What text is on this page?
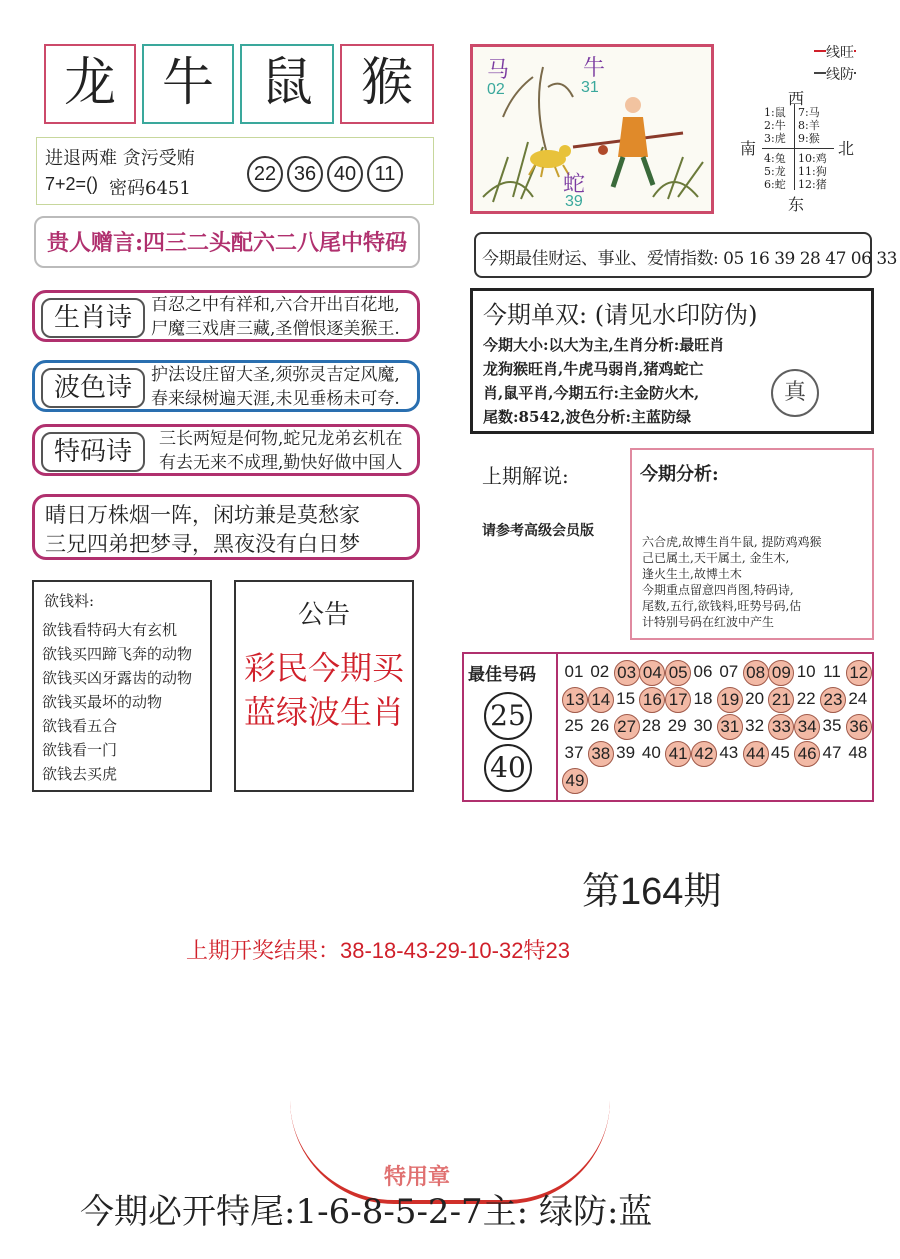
龙 牛 鼠 猴
进退两难 贪污受贿
7+2=() 密码6451
22 36 40 11
贵人赠言:四三二头配六二八尾中特码
生肖诗	百忍之中有祥和,六合开出百花地,
尸魔三戏唐三藏,圣僧恨逐美猴王.
波色诗	护法设庄留大圣,须弥灵吉定风魔,
春来绿树遍天涯,未见垂杨未可夸.
特码诗	三长两短是何物,蛇兄龙弟玄机在
有去无来不成理,勤快好做中国人
晴日万株烟一阵，闲坊兼是莫愁家
三兄四弟把梦寻，黑夜没有白日梦
欲钱料:
欲钱看特码大有玄机
欲钱买四蹄飞奔的动物
欲钱买凶牙露齿的动物
欲钱买最坏的动物
欲钱看五合
欲钱看一门
欲钱去买虎
公告
彩民今期买
蓝绿波生肖
马
02
牛
31
蛇
39
线旺
线防
西
南	北
东
1:鼠
2:牛
3:虎
7:马
8:羊
9:猴
4:兔
5:龙
6:蛇
10:鸡
11:狗
12:猪
今期最佳财运、事业、爱情指数: 05 16 39 28 47 06 33
今期单双: (请见水印防伪)
今期大小:以大为主,生肖分析:最旺肖
龙狗猴旺肖,牛虎马弱肖,猪鸡蛇亡
肖,鼠平肖,今期五行:主金防火木,
尾数:8542,波色分析:主蓝防绿
真
上期解说:
请参考高级会员版
今期分析:
六合虎,故博生肖牛鼠, 提防鸡鸡猴
己已属土,天干属土, 金生木,
逢火生土,故博土木
今期重点留意四肖图,特码诗,
尾数,五行,欲钱料,旺势号码,估
计特别号码在红波中产生
最佳号码
25
40
01 02 03 04 05 06 07 08 09 10 11 12
13 14 15 16 17 18 19 20 21 22 23 24
25 26 27 28 29 30 31 32 33 34 35 36
37 38 39 40 41 42 43 44 45 46 47 48
49
第164期
上期开奖结果：38-18-43-29-10-32特23
特用章
今期必开特尾:1-6-8-5-2-7主: 绿防:蓝
